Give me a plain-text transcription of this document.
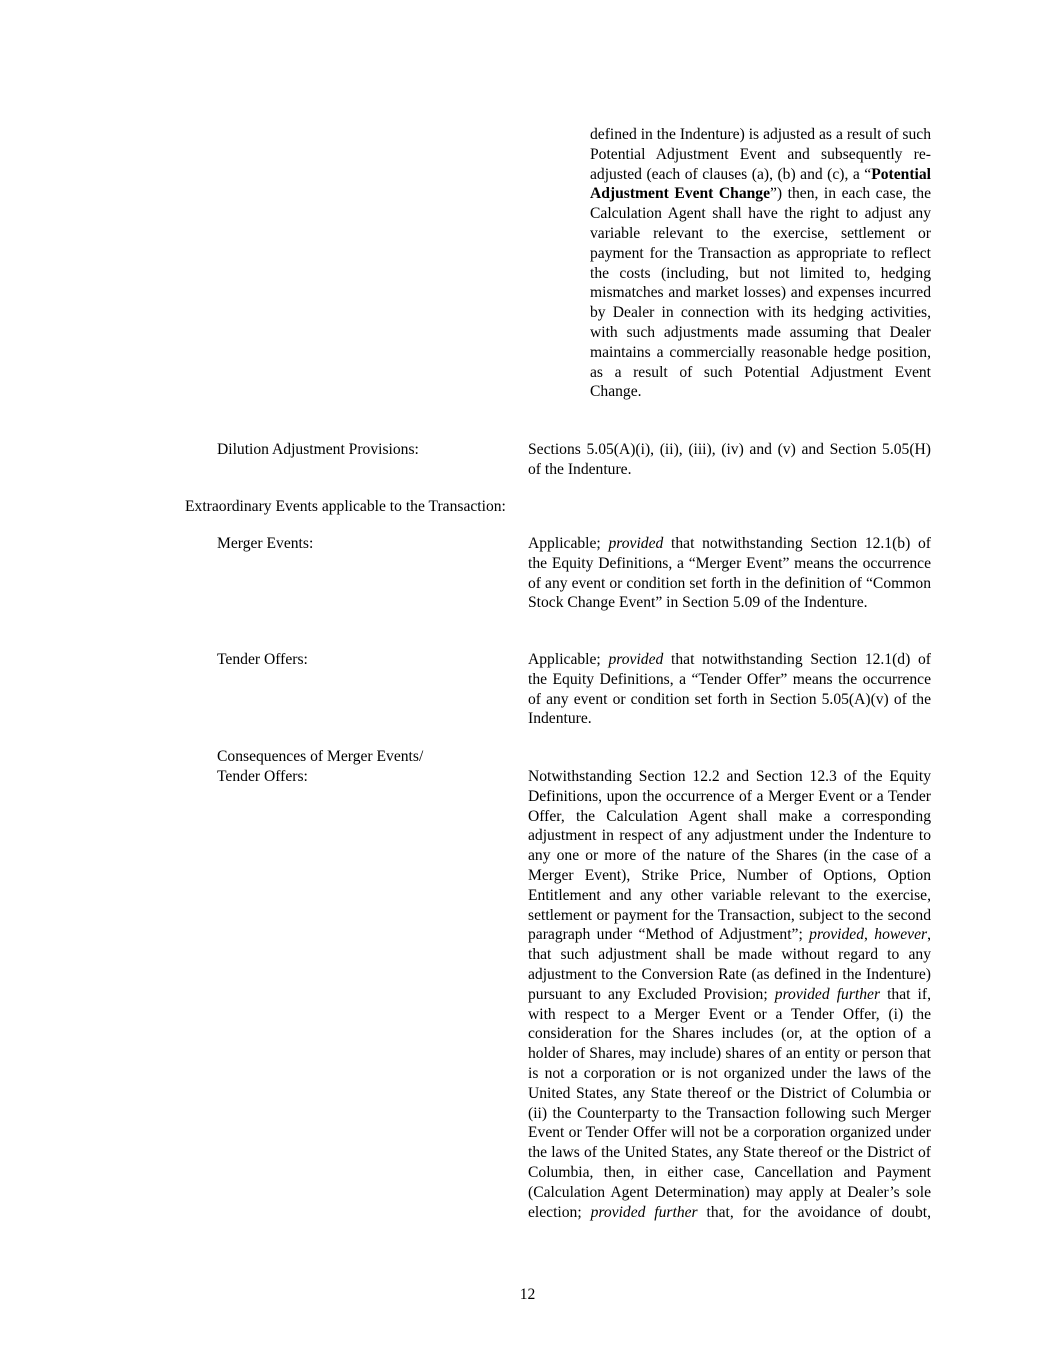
defined in the Indenture) is adjusted as a result of such Potential Adjustment Event and subsequently re-adjusted (each of clauses (a), (b) and (c), a “Potential Adjustment Event Change”) then, in each case, the Calculation Agent shall have the right to adjust any variable relevant to the exercise, settlement or payment for the Transaction as appropriate to reflect the costs (including, but not limited to, hedging mismatches and market losses) and expenses incurred by Dealer in connection with its hedging activities, with such adjustments made assuming that Dealer maintains a commercially reasonable hedge position, as a result of such Potential Adjustment Event Change.

Dilution Adjustment Provisions:	Sections 5.05(A)(i), (ii), (iii), (iv) and (v) and Section 5.05(H) of the Indenture.

Extraordinary Events applicable to the Transaction:
Merger Events:	Applicable; provided that notwithstanding Section 12.1(b) of the Equity Definitions, a “Merger Event” means the occurrence of any event or condition set forth in the definition of “Common Stock Change Event” in Section 5.09 of the Indenture.

Tender Offers:	Applicable; provided that notwithstanding Section 12.1(d) of the Equity Definitions, a “Tender Offer” means the occurrence of any event or condition set forth in Section 5.05(A)(v) of the Indenture.

Consequences of Merger Events/
Tender Offers:	Notwithstanding Section 12.2 and Section 12.3 of the Equity Definitions, upon the occurrence of a Merger Event or a Tender Offer, the Calculation Agent shall make a corresponding adjustment in respect of any adjustment under the Indenture to any one or more of the nature of the Shares (in the case of a Merger Event), Strike Price, Number of Options, Option Entitlement and any other variable relevant to the exercise, settlement or payment for the Transaction, subject to the second paragraph under “Method of Adjustment”; provided, however, that such adjustment shall be made without regard to any adjustment to the Conversion Rate (as defined in the Indenture) pursuant to any Excluded Provision; provided further that if, with respect to a Merger Event or a Tender Offer, (i) the consideration for the Shares includes (or, at the option of a holder of Shares, may include) shares of an entity or person that is not a corporation or is not organized under the laws of the United States, any State thereof or the District of Columbia or (ii) the Counterparty to the Transaction following such Merger Event or Tender Offer will not be a corporation organized under the laws of the United States, any State thereof or the District of Columbia, then, in either case, Cancellation and Payment (Calculation Agent Determination) may apply at Dealer’s sole election; provided further that, for the avoidance of doubt,

12
